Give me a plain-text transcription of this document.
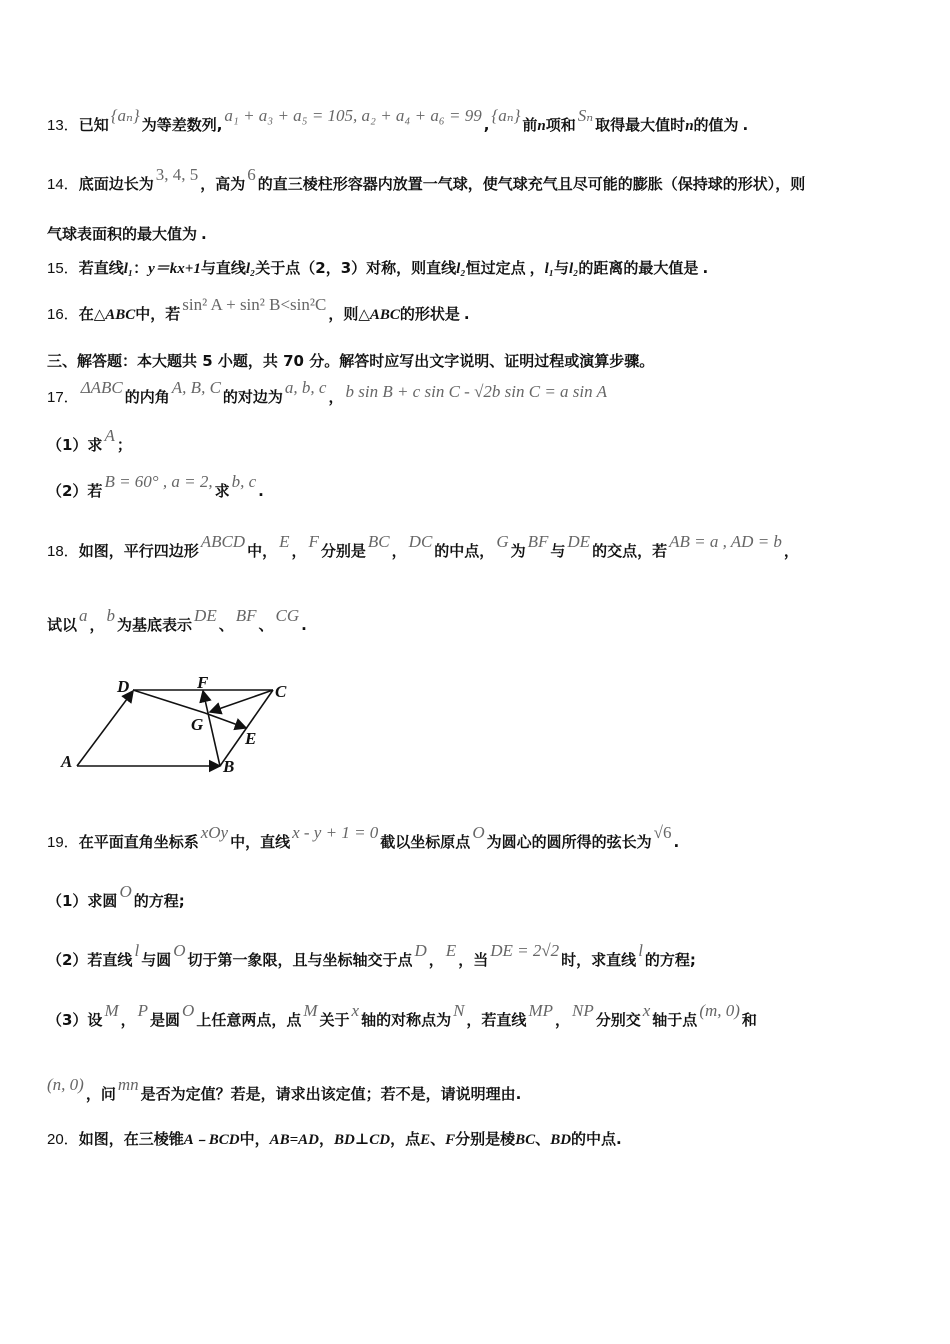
13．已知 {aₙ} 为等差数列, a₁ + a₃ + a₅ = 105, a₂ + a₄ + a₆ = 99 , {aₙ} 前n项和 Sₙ 取得最大值时n的值为 .
14．底面边长为 3, 4, 5 ，高为 6 的直三棱柱形容器内放置一气球，使气球充气且尽可能的膨胀（保持球的形状），则
气球表面积的最大值为 .
15．若直线l₁：y＝kx+1与直线l₂关于点（2，3）对称，则直线l₂恒过定点 ，l₁与l₂的距离的最大值是 .
16．在△ABC中，若 sin² A + sin² B<sin²C ，则△ABC的形状是 .
三、解答题：本大题共 5 小题，共 70 分。解答时应写出文字说明、证明过程或演算步骤。
17．ΔABC 的内角 A, B, C 的对边为 a, b, c ， b sin B + c sin C - √2b sin C = a sin A
（1）求 A ；
（2）若 B = 60° , a = 2, 求 b, c .
18．如图，平行四边形 ABCD 中， E ， F 分别是 BC ， DC 的中点， G 为 BF 与 DE 的交点，若 AB = a , AD = b ，
试以 a ， b 为基底表示 DE 、 BF 、 CG .
D	F	C
G
E
A	B
19．在平面直角坐标系 xOy 中，直线 x - y + 1 = 0 截以坐标原点 O 为圆心的圆所得的弦长为 √6 .
（1）求圆 O 的方程;
（2）若直线 l 与圆 O 切于第一象限，且与坐标轴交于点 D ， E ，当 DE = 2√2 时，求直线 l 的方程;
（3）设 M ， P 是圆 O 上任意两点，点 M 关于 x 轴的对称点为 N ，若直线 MP ， NP 分别交 x 轴于点 (m, 0) 和
(n, 0) ，问 mn 是否为定值？若是，请求出该定值；若不是，请说明理由.
20．如图，在三棱锥A﹣BCD中，AB=AD，BD⊥CD，点E、F分别是棱BC、BD的中点.
